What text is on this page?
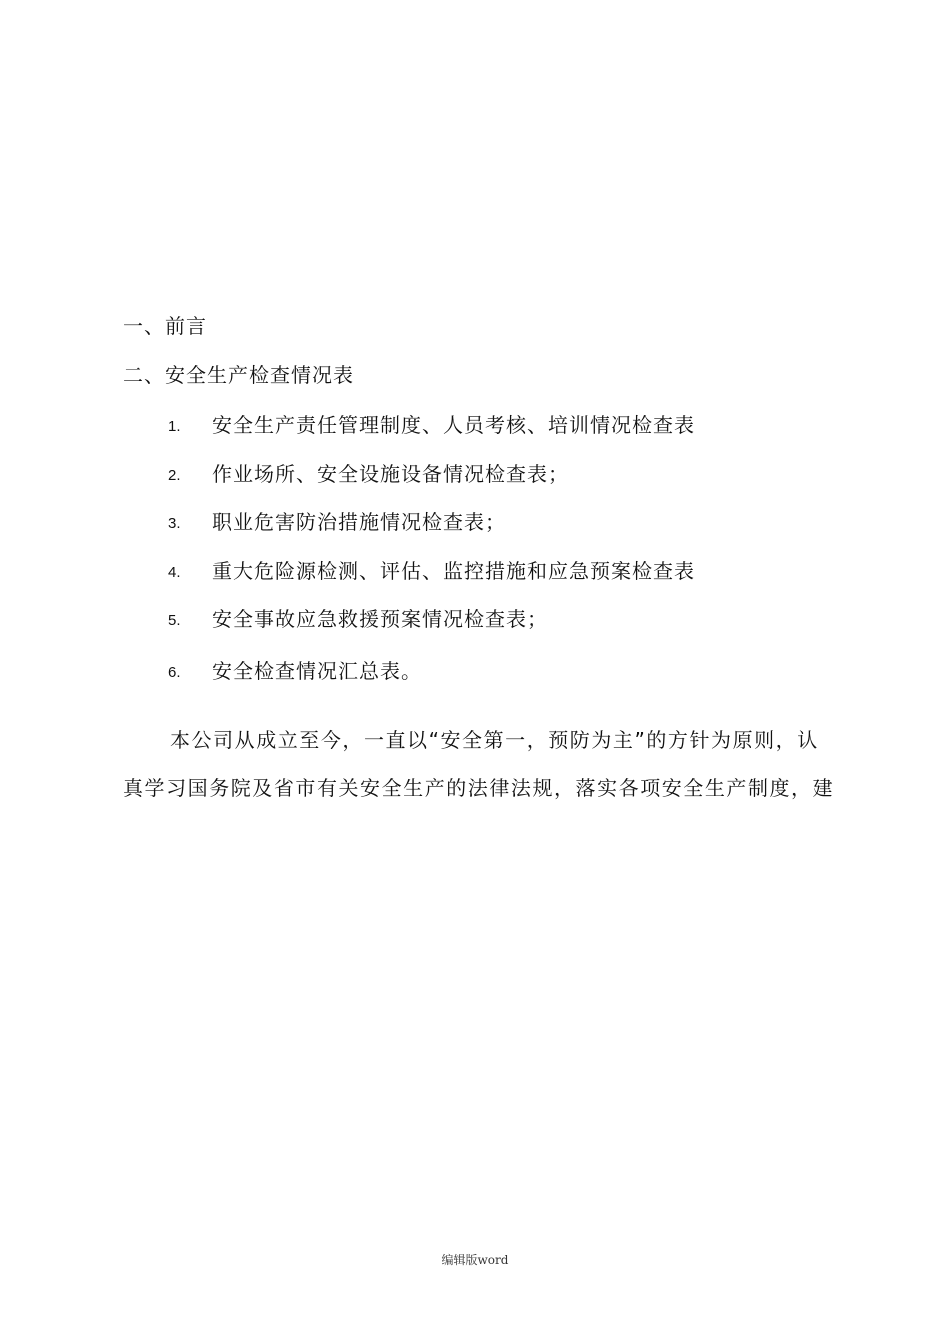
一、前言
二、安全生产检查情况表
1. 安全生产责任管理制度、人员考核、培训情况检查表
2. 作业场所、安全设施设备情况检查表；
3. 职业危害防治措施情况检查表；
4. 重大危险源检测、评估、监控措施和应急预案检查表
5. 安全事故应急救援预案情况检查表；
6. 安全检查情况汇总表。
本公司从成立至今，一直以“安全第一，预防为主”的方针为原则，认
真学习国务院及省市有关安全生产的法律法规，落实各项安全生产制度，建
编辑版word
